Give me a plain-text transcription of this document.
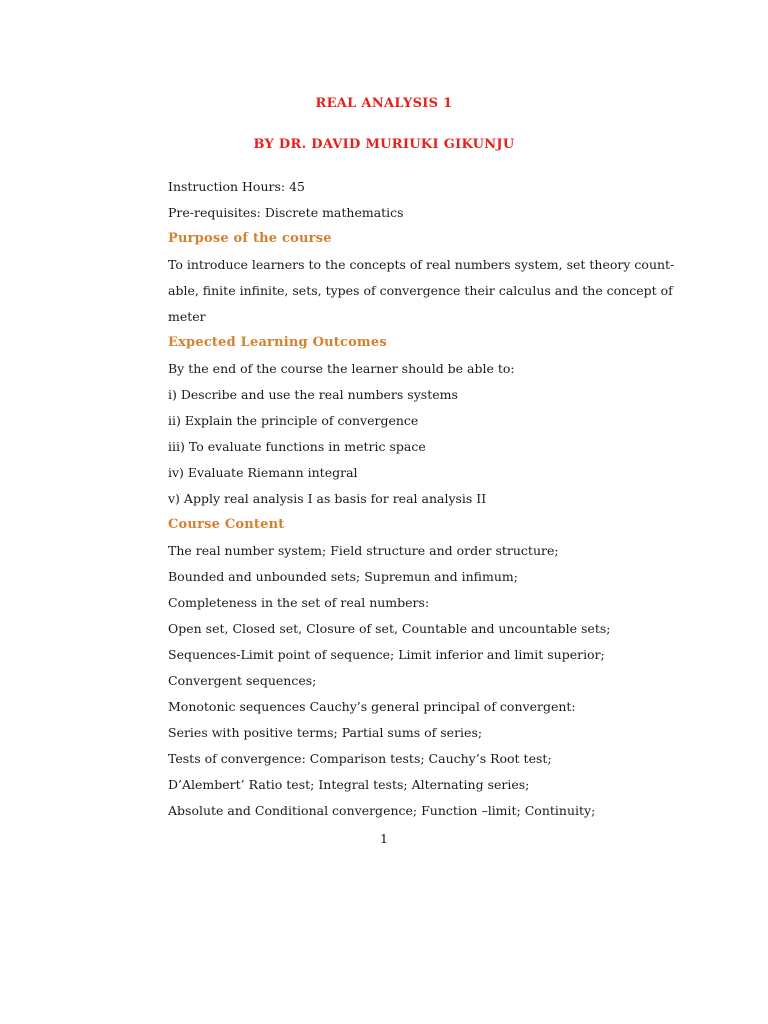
REAL ANALYSIS 1
BY DR. DAVID MURIUKI GIKUNJU

Instruction Hours: 45

Pre-requisites: Discrete mathematics

Purpose of the course

To introduce learners to the concepts of real numbers system, set theory count-

able, finite infinite, sets, types of convergence their calculus and the concept of

meter

Expected Learning Outcomes

By the end of the course the learner should be able to:

i) Describe and use the real numbers systems
ii) Explain the principle of convergence
iii) To evaluate functions in metric space
iv) Evaluate Riemann integral
v) Apply real analysis I as basis for real analysis II
Course Content
The real number system; Field structure and order structure;
Bounded and unbounded sets; Supremun and infimum;
Completeness in the set of real numbers:
Open set, Closed set, Closure of set, Countable and uncountable sets;
Sequences-Limit point of sequence; Limit inferior and limit superior;
Convergent sequences;
Monotonic sequences Cauchy’s general principal of convergent:
Series with positive terms; Partial sums of series;
Tests of convergence: Comparison tests; Cauchy’s Root test;
D’Alembert’ Ratio test; Integral tests; Alternating series;
Absolute and Conditional convergence; Function –limit; Continuity;
1
